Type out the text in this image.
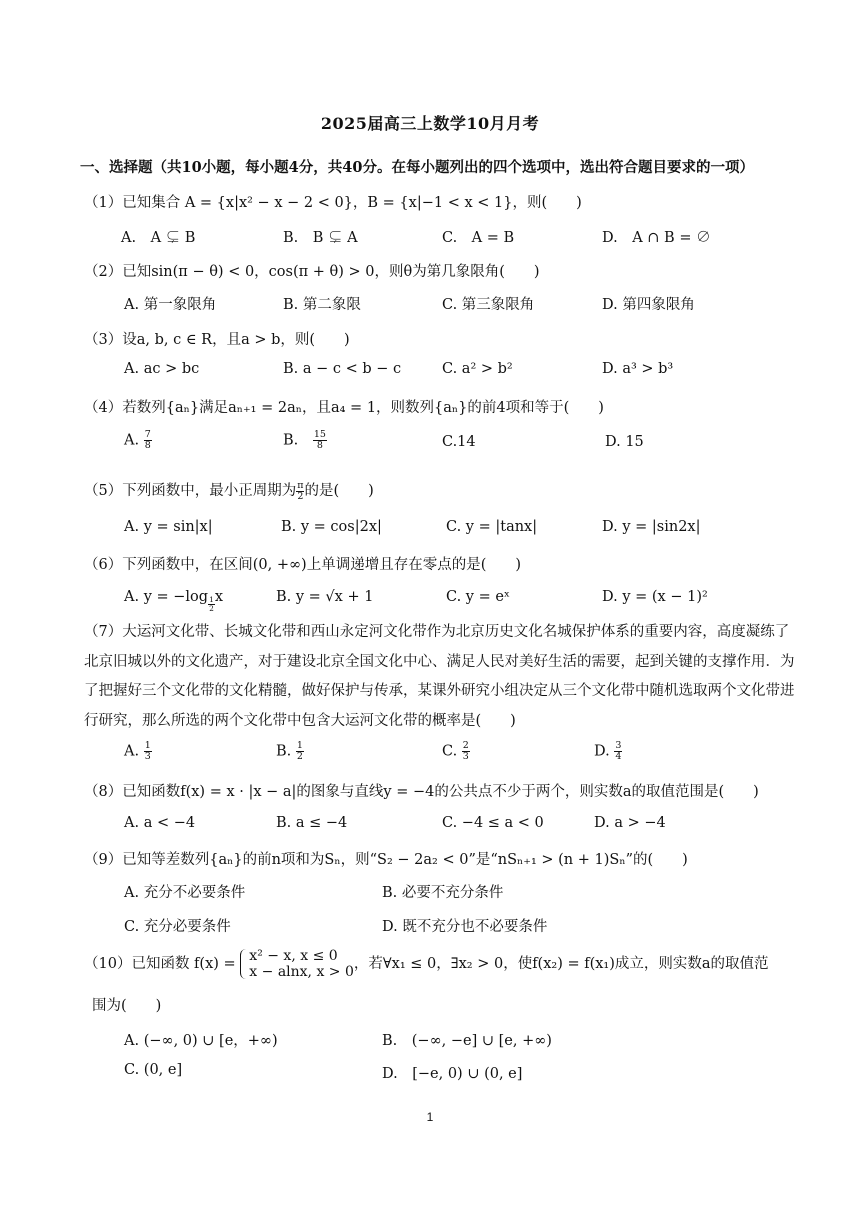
2025届高三上数学10月月考
一、选择题（共10小题，每小题4分，共40分。在每小题列出的四个选项中，选出符合题目要求的一项）
（1）已知集合 A = {x|x² − x − 2 < 0}，B = {x|−1 < x < 1}，则(　　)
A.　A ⊊ B	B.　B ⊊ A	C.　A = B	D.　A ∩ B = ∅
（2）已知sin(π − θ) < 0，cos(π + θ) > 0，则θ为第几象限角(　　)
A. 第一象限角	B. 第二象限	C. 第三象限角	D. 第四象限角
（3）设a, b, c ∈ R，且a > b，则(　　)
A. ac > bc	B. a − c < b − c	C. a² > b²	D. a³ > b³
（4）若数列{aₙ}满足aₙ₊₁ = 2aₙ，且a₄ = 1，则数列{aₙ}的前4项和等于(　　)
A. $\frac{7}{8}$	B. $\frac{15}{8}$	C.14	D. 15
（5）下列函数中，最小正周期为 $\frac{\pi}{2}$ 的是(　　)
A. y = sin|x|	B. y = cos|2x|	C. y = |tanx|	D. y = |sin2x|
（6）下列函数中，在区间(0, +∞)上单调递增且存在零点的是(　　)
A. $y = -\log \frac{1}{2}$ x	B. y = √x + 1	C. y = eˣ	D. y = (x − 1)²
（7）大运河文化带、长城文化带和西山永定河文化带作为北京历史文化名城保护体系的重要内容，高度凝练了北京旧城以外的文化遗产，对于建设北京全国文化中心、满足人民对美好生活的需要，起到关键的支撑作用．为了把握好三个文化带的文化精髓，做好保护与传承，某课外研究小组决定从三个文化带中随机选取两个文化带进行研究，那么所选的两个文化带中包含大运河文化带的概率是(　　)
A. $\frac{1}{3}$	B. $\frac{1}{2}$	C. $\frac{2}{3}$	D. $\frac{3}{4}$
（8）已知函数f(x) = x · |x − a|的图象与直线y = −4的公共点不少于两个，则实数a的取值范围是(　　)
A. a < −4	B. a ≤ −4	C. −4 ≤ a < 0	D. a > −4
（9）已知等差数列{aₙ}的前n项和为Sₙ，则“S₂ − 2a₂ < 0”是“nSₙ₊₁ > (n + 1)Sₙ”的(　　)
A. 充分不必要条件	B. 必要不充分条件
C. 充分必要条件	D. 既不充分也不必要条件
（10）已知函数 f(x) = x² − x, x ≤ 0
x − alnx, x > 0 ，若∀x₁ ≤ 0，∃x₂ > 0，使f(x₂) = f(x₁)成立，则实数a的取值范
围为(　　)
A. (−∞, 0) ∪ [e，+∞)	B.　(−∞, −e] ∪ [e, +∞)
C. (0, e]	D.　[−e, 0) ∪ (0, e]
1
